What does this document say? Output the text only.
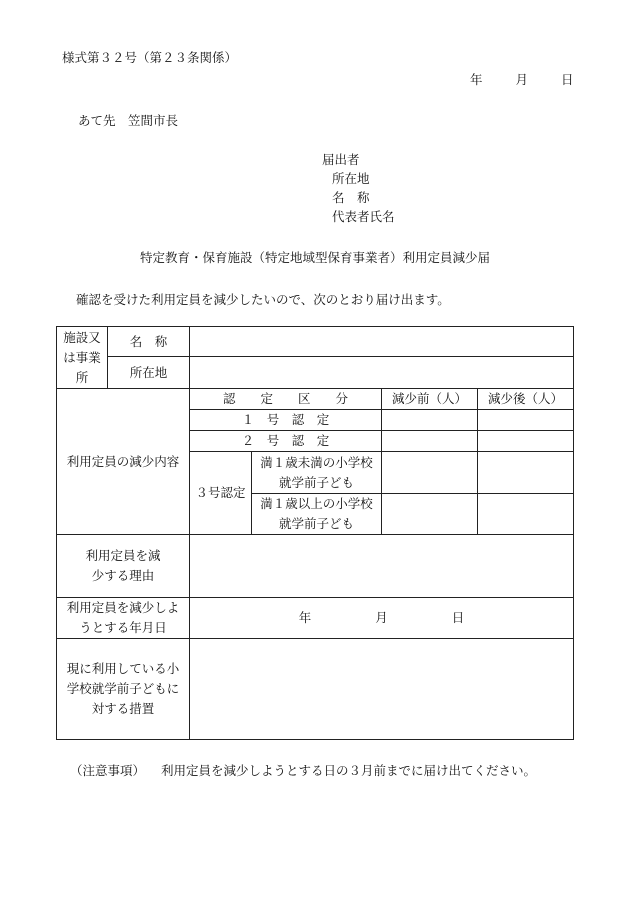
様式第３２号（第２３条関係）
年	月	日
あて先　笠間市長
届出者
所在地
名　称
代表者氏名
特定教育・保育施設（特定地域型保育事業者）利用定員減少届
確認を受けた利用定員を減少したいので、次のとおり届け出ます。
施設又は事業所	名　称				
	所在地				
利用定員の減少内容		認　　定　　区　　分		減少前（人）	減少後（人）
		１　号　認　定			
		２　号　認　定			
		３号認定	満１歳未満の小学校就学前子ども		
			満１歳以上の小学校就学前子ども		
利用定員を減少する理由					
利用定員を減少しようとする年月日		年 月 日			
現に利用している小学校就学前子どもに対する措置					
（注意事項） 利用定員を減少しようとする日の３月前までに届け出てください。
